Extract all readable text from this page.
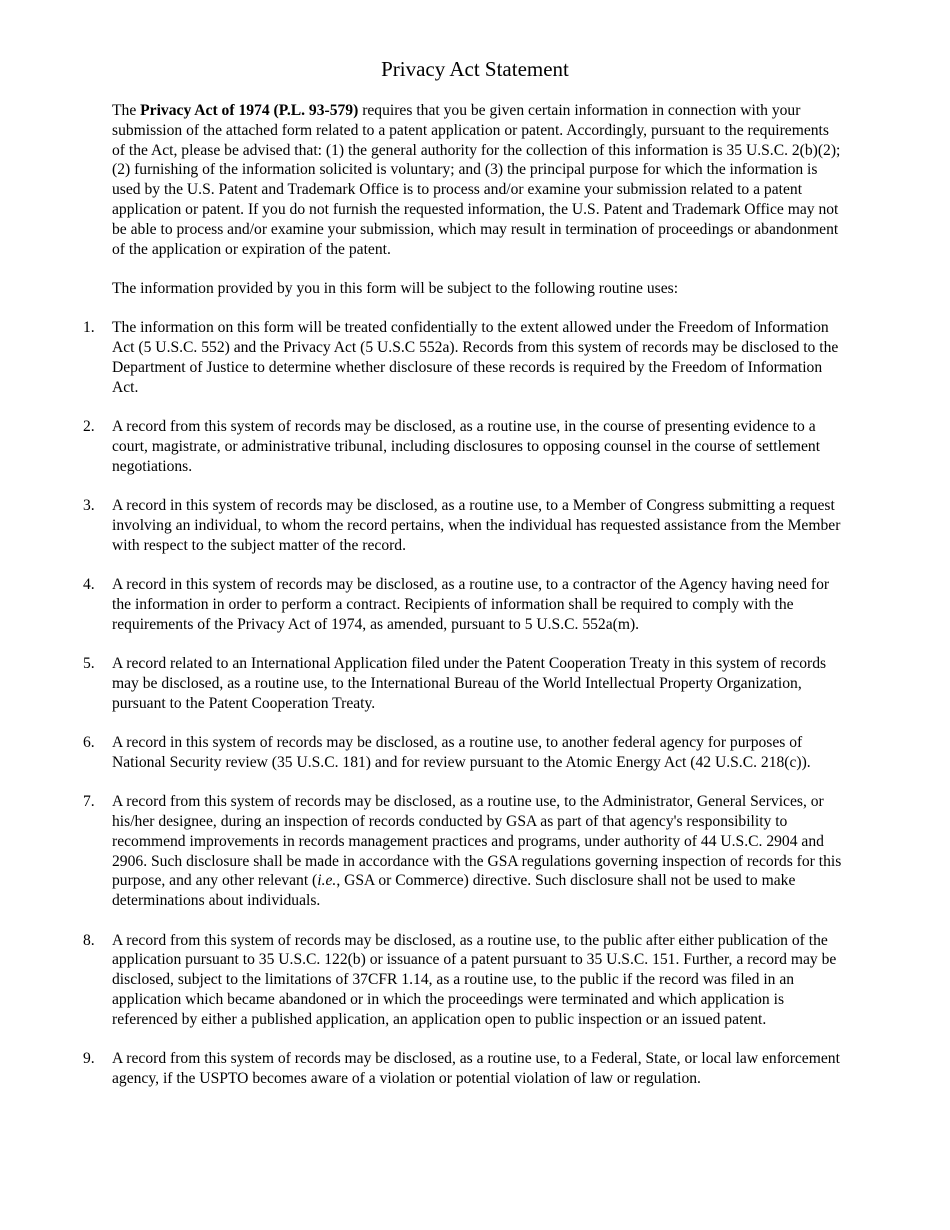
Privacy Act Statement

The Privacy Act of 1974 (P.L. 93-579) requires that you be given certain information in connection with your submission of the attached form related to a patent application or patent. Accordingly, pursuant to the requirements of the Act, please be advised that: (1) the general authority for the collection of this information is 35 U.S.C. 2(b)(2); (2) furnishing of the information solicited is voluntary; and (3) the principal purpose for which the information is used by the U.S. Patent and Trademark Office is to process and/or examine your submission related to a patent application or patent. If you do not furnish the requested information, the U.S. Patent and Trademark Office may not be able to process and/or examine your submission, which may result in termination of proceedings or abandonment of the application or expiration of the patent.

The information provided by you in this form will be subject to the following routine uses:

1. The information on this form will be treated confidentially to the extent allowed under the Freedom of Information Act (5 U.S.C. 552) and the Privacy Act (5 U.S.C 552a). Records from this system of records may be disclosed to the Department of Justice to determine whether disclosure of these records is required by the Freedom of Information Act.
2. A record from this system of records may be disclosed, as a routine use, in the course of presenting evidence to a court, magistrate, or administrative tribunal, including disclosures to opposing counsel in the course of settlement negotiations.
3. A record in this system of records may be disclosed, as a routine use, to a Member of Congress submitting a request involving an individual, to whom the record pertains, when the individual has requested assistance from the Member with respect to the subject matter of the record.
4. A record in this system of records may be disclosed, as a routine use, to a contractor of the Agency having need for the information in order to perform a contract. Recipients of information shall be required to comply with the requirements of the Privacy Act of 1974, as amended, pursuant to 5 U.S.C. 552a(m).
5. A record related to an International Application filed under the Patent Cooperation Treaty in this system of records may be disclosed, as a routine use, to the International Bureau of the World Intellectual Property Organization, pursuant to the Patent Cooperation Treaty.
6. A record in this system of records may be disclosed, as a routine use, to another federal agency for purposes of National Security review (35 U.S.C. 181) and for review pursuant to the Atomic Energy Act (42 U.S.C. 218(c)).
7. A record from this system of records may be disclosed, as a routine use, to the Administrator, General Services, or his/her designee, during an inspection of records conducted by GSA as part of that agency's responsibility to recommend improvements in records management practices and programs, under authority of 44 U.S.C. 2904 and 2906. Such disclosure shall be made in accordance with the GSA regulations governing inspection of records for this purpose, and any other relevant (i.e., GSA or Commerce) directive. Such disclosure shall not be used to make determinations about individuals.
8. A record from this system of records may be disclosed, as a routine use, to the public after either publication of the application pursuant to 35 U.S.C. 122(b) or issuance of a patent pursuant to 35 U.S.C. 151. Further, a record may be disclosed, subject to the limitations of 37CFR 1.14, as a routine use, to the public if the record was filed in an application which became abandoned or in which the proceedings were terminated and which application is referenced by either a published application, an application open to public inspection or an issued patent.
9. A record from this system of records may be disclosed, as a routine use, to a Federal, State, or local law enforcement agency, if the USPTO becomes aware of a violation or potential violation of law or regulation.
